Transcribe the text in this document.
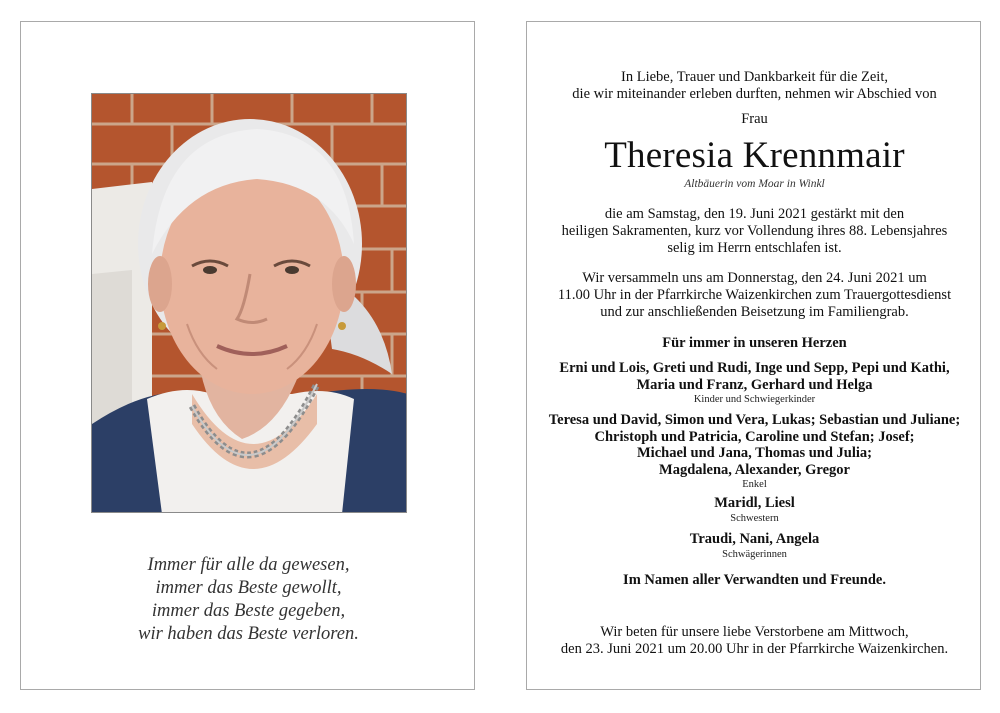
Immer für alle da gewesen,
immer das Beste gewollt,
immer das Beste gegeben,
wir haben das Beste verloren.
In Liebe, Trauer und Dankbarkeit für die Zeit,
die wir miteinander erleben durften, nehmen wir Abschied von
Frau
Theresia Krennmair
Altbäuerin vom Moar in Winkl
die am Samstag, den 19. Juni 2021 gestärkt mit den
heiligen Sakramenten, kurz vor Vollendung ihres 88. Lebensjahres
selig im Herrn entschlafen ist.
Wir versammeln uns am Donnerstag, den 24. Juni 2021 um
11.00 Uhr in der Pfarrkirche Waizenkirchen zum Trauergottesdienst
und zur anschließenden Beisetzung im Familiengrab.
Für immer in unseren Herzen
Erni und Lois, Greti und Rudi, Inge und Sepp, Pepi und Kathi,
Maria und Franz, Gerhard und Helga
Kinder und Schwiegerkinder
Teresa und David, Simon und Vera, Lukas; Sebastian und Juliane;
Christoph und Patricia, Caroline und Stefan; Josef;
Michael und Jana, Thomas und Julia;
Magdalena, Alexander, Gregor
Enkel
Maridl, Liesl
Schwestern
Traudi, Nani, Angela
Schwägerinnen
Im Namen aller Verwandten und Freunde.
Wir beten für unsere liebe Verstorbene am Mittwoch,
den 23. Juni 2021 um 20.00 Uhr in der Pfarrkirche Waizenkirchen.
